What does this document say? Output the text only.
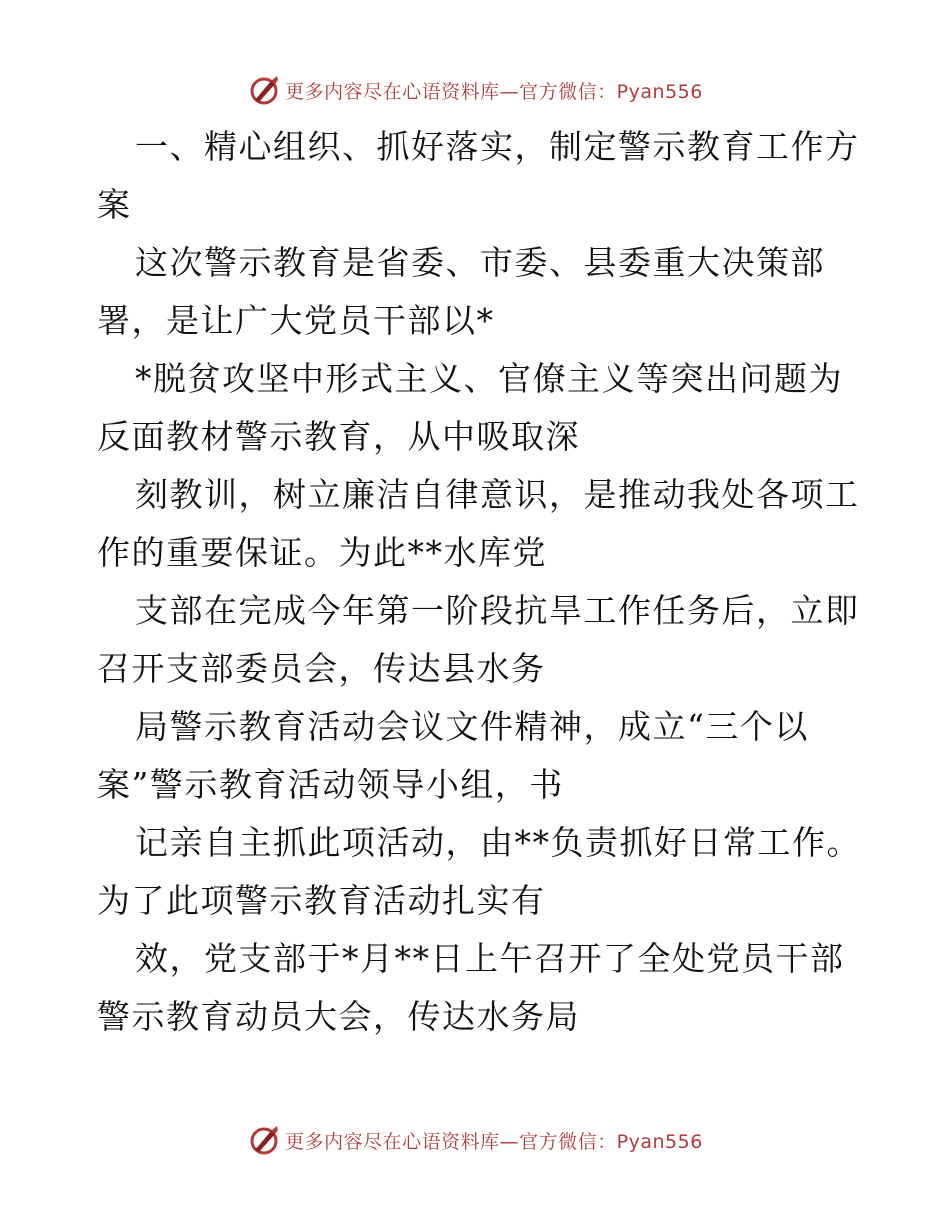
更多内容尽在心语资料库—官方微信：Pyan556

一、精心组织、抓好落实，制定警示教育工作方
案

这次警示教育是省委、市委、县委重大决策部
署，是让广大党员干部以*

*脱贫攻坚中形式主义、官僚主义等突出问题为
反面教材警示教育，从中吸取深

刻教训，树立廉洁自律意识，是推动我处各项工
作的重要保证。为此**水库党

支部在完成今年第一阶段抗旱工作任务后，立即
召开支部委员会，传达县水务

局警示教育活动会议文件精神，成立“三个以
案”警示教育活动领导小组，书

记亲自主抓此项活动，由**负责抓好日常工作。
为了此项警示教育活动扎实有

效，党支部于*月**日上午召开了全处党员干部
警示教育动员大会，传达水务局

更多内容尽在心语资料库—官方微信：Pyan556
